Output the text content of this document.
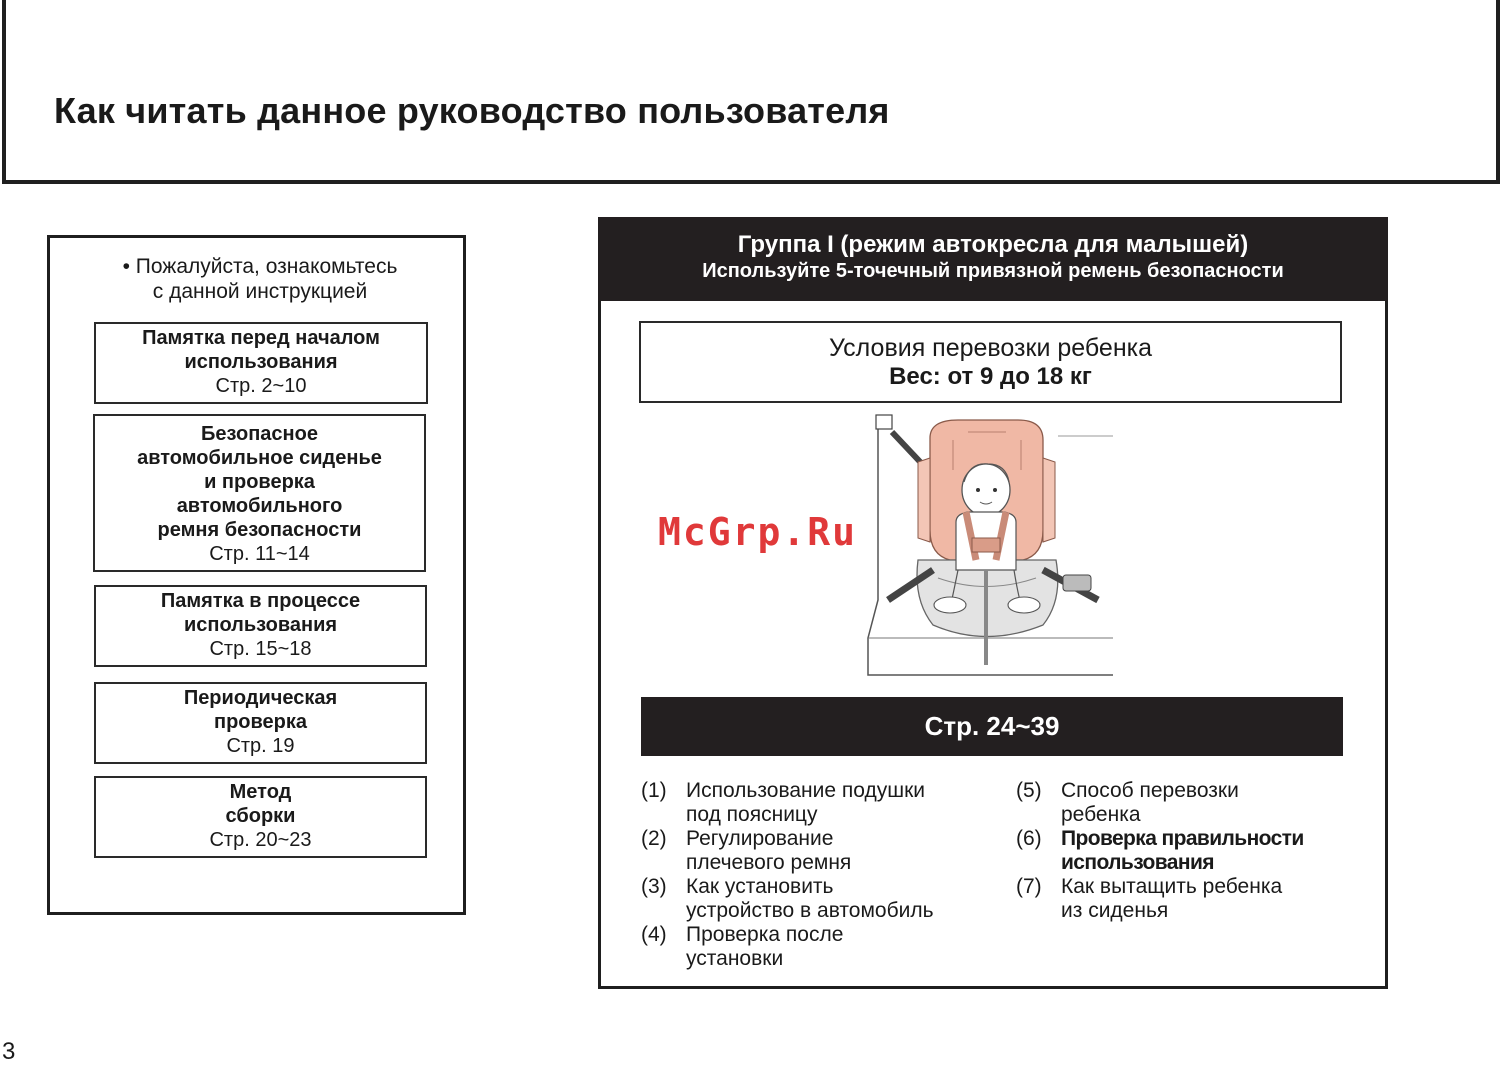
Как читать данное руководство пользователя
• Пожалуйста, ознакомьтесь
с данной инструкцией
Памятка перед началом
использования
Стр. 2~10
Безопасное
автомобильное сиденье
и проверка
автомобильного
ремня безопасности
Стр. 11~14
Памятка в процессе
использования
Стр. 15~18
Периодическая
проверка
Стр. 19
Метод
сборки
Стр. 20~23
Группа I (режим автокресла для малышей)
Используйте 5-точечный привязной ремень безопасности
Условия перевозки ребенка
Вес: от 9 до 18 кг
McGrp.Ru
Стр. 24~39
(1) Использование подушки
под поясницу
(2) Регулирование
плечевого ремня
(3) Как установить
устройство в автомобиль
(4) Проверка после
установки
(5) Способ перевозки
ребенка
(6) Проверка правильности
использования
(7) Как вытащить ребенка
из сиденья
3
